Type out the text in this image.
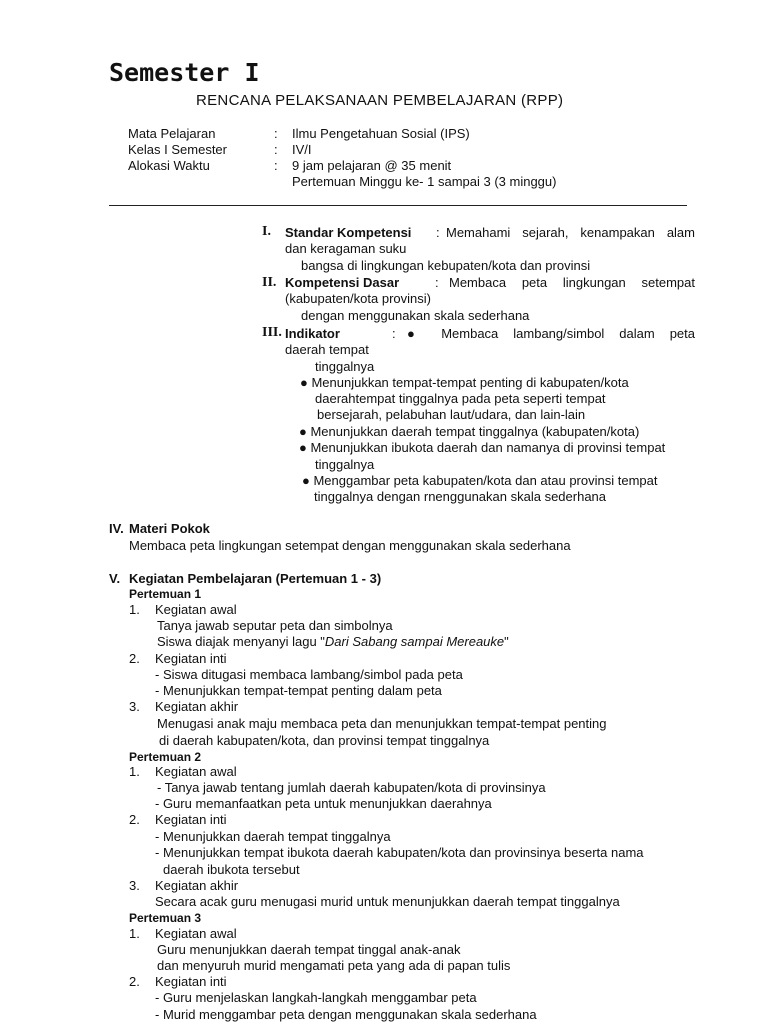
Semester I
RENCANA PELAKSANAAN PEMBELAJARAN (RPP)
Mata Pelajaran	: Ilmu Pengetahuan Sosial (IPS)
Kelas I Semester	: IV/I
Alokasi Waktu	: 9 jam pelajaran @ 35 menit
Pertemuan Minggu ke- 1 sampai 3 (3 minggu)
I. Standar Kompetensi : Memahami sejarah, kenampakan alam
dan keragaman suku
bangsa di lingkungan kebupaten/kota dan provinsi
II. Kompetensi Dasar	: Membaca peta lingkungan setempat
(kabupaten/kota provinsi)
dengan menggunakan skala sederhana
III. Indikator	: ● Membaca lambang/simbol dalam peta
daerah tempat
tinggalnya
● Menunjukkan tempat-tempat penting di kabupaten/kota
daerahtempat tinggalnya pada peta seperti tempat
bersejarah, pelabuhan laut/udara, dan lain-lain
● Menunjukkan daerah tempat tinggalnya (kabupaten/kota)
● Menunjukkan ibukota daerah dan namanya di provinsi tempat
tinggalnya
● Menggambar peta kabupaten/kota dan atau provinsi tempat
tinggalnya dengan rnenggunakan skala sederhana
IV. Materi Pokok
Membaca peta lingkungan setempat dengan menggunakan skala sederhana
V. Kegiatan Pembelajaran (Pertemuan 1 - 3)
Pertemuan 1
1. Kegiatan awal
Tanya jawab seputar peta dan simbolnya
Siswa diajak menyanyi lagu "Dari Sabang sampai Mereauke"
2. Kegiatan inti
- Siswa ditugasi membaca lambang/simbol pada peta
- Menunjukkan tempat-tempat penting dalam peta
3. Kegiatan akhir
Menugasi anak maju membaca peta dan menunjukkan tempat-tempat penting
di daerah kabupaten/kota, dan provinsi tempat tinggalnya
Pertemuan 2
1. Kegiatan awal
- Tanya jawab tentang jumlah daerah kabupaten/kota di provinsinya
- Guru memanfaatkan peta untuk menunjukkan daerahnya
2. Kegiatan inti
- Menunjukkan daerah tempat tinggalnya
- Menunjukkan tempat ibukota daerah kabupaten/kota dan provinsinya beserta nama
daerah ibukota tersebut
3. Kegiatan akhir
Secara acak guru menugasi murid untuk menunjukkan daerah tempat tinggalnya
Pertemuan 3
1. Kegiatan awal
Guru menunjukkan daerah tempat tinggal anak-anak
dan menyuruh murid mengamati peta yang ada di papan tulis
2. Kegiatan inti
- Guru menjelaskan langkah-langkah menggambar peta
- Murid menggambar peta dengan menggunakan skala sederhana
